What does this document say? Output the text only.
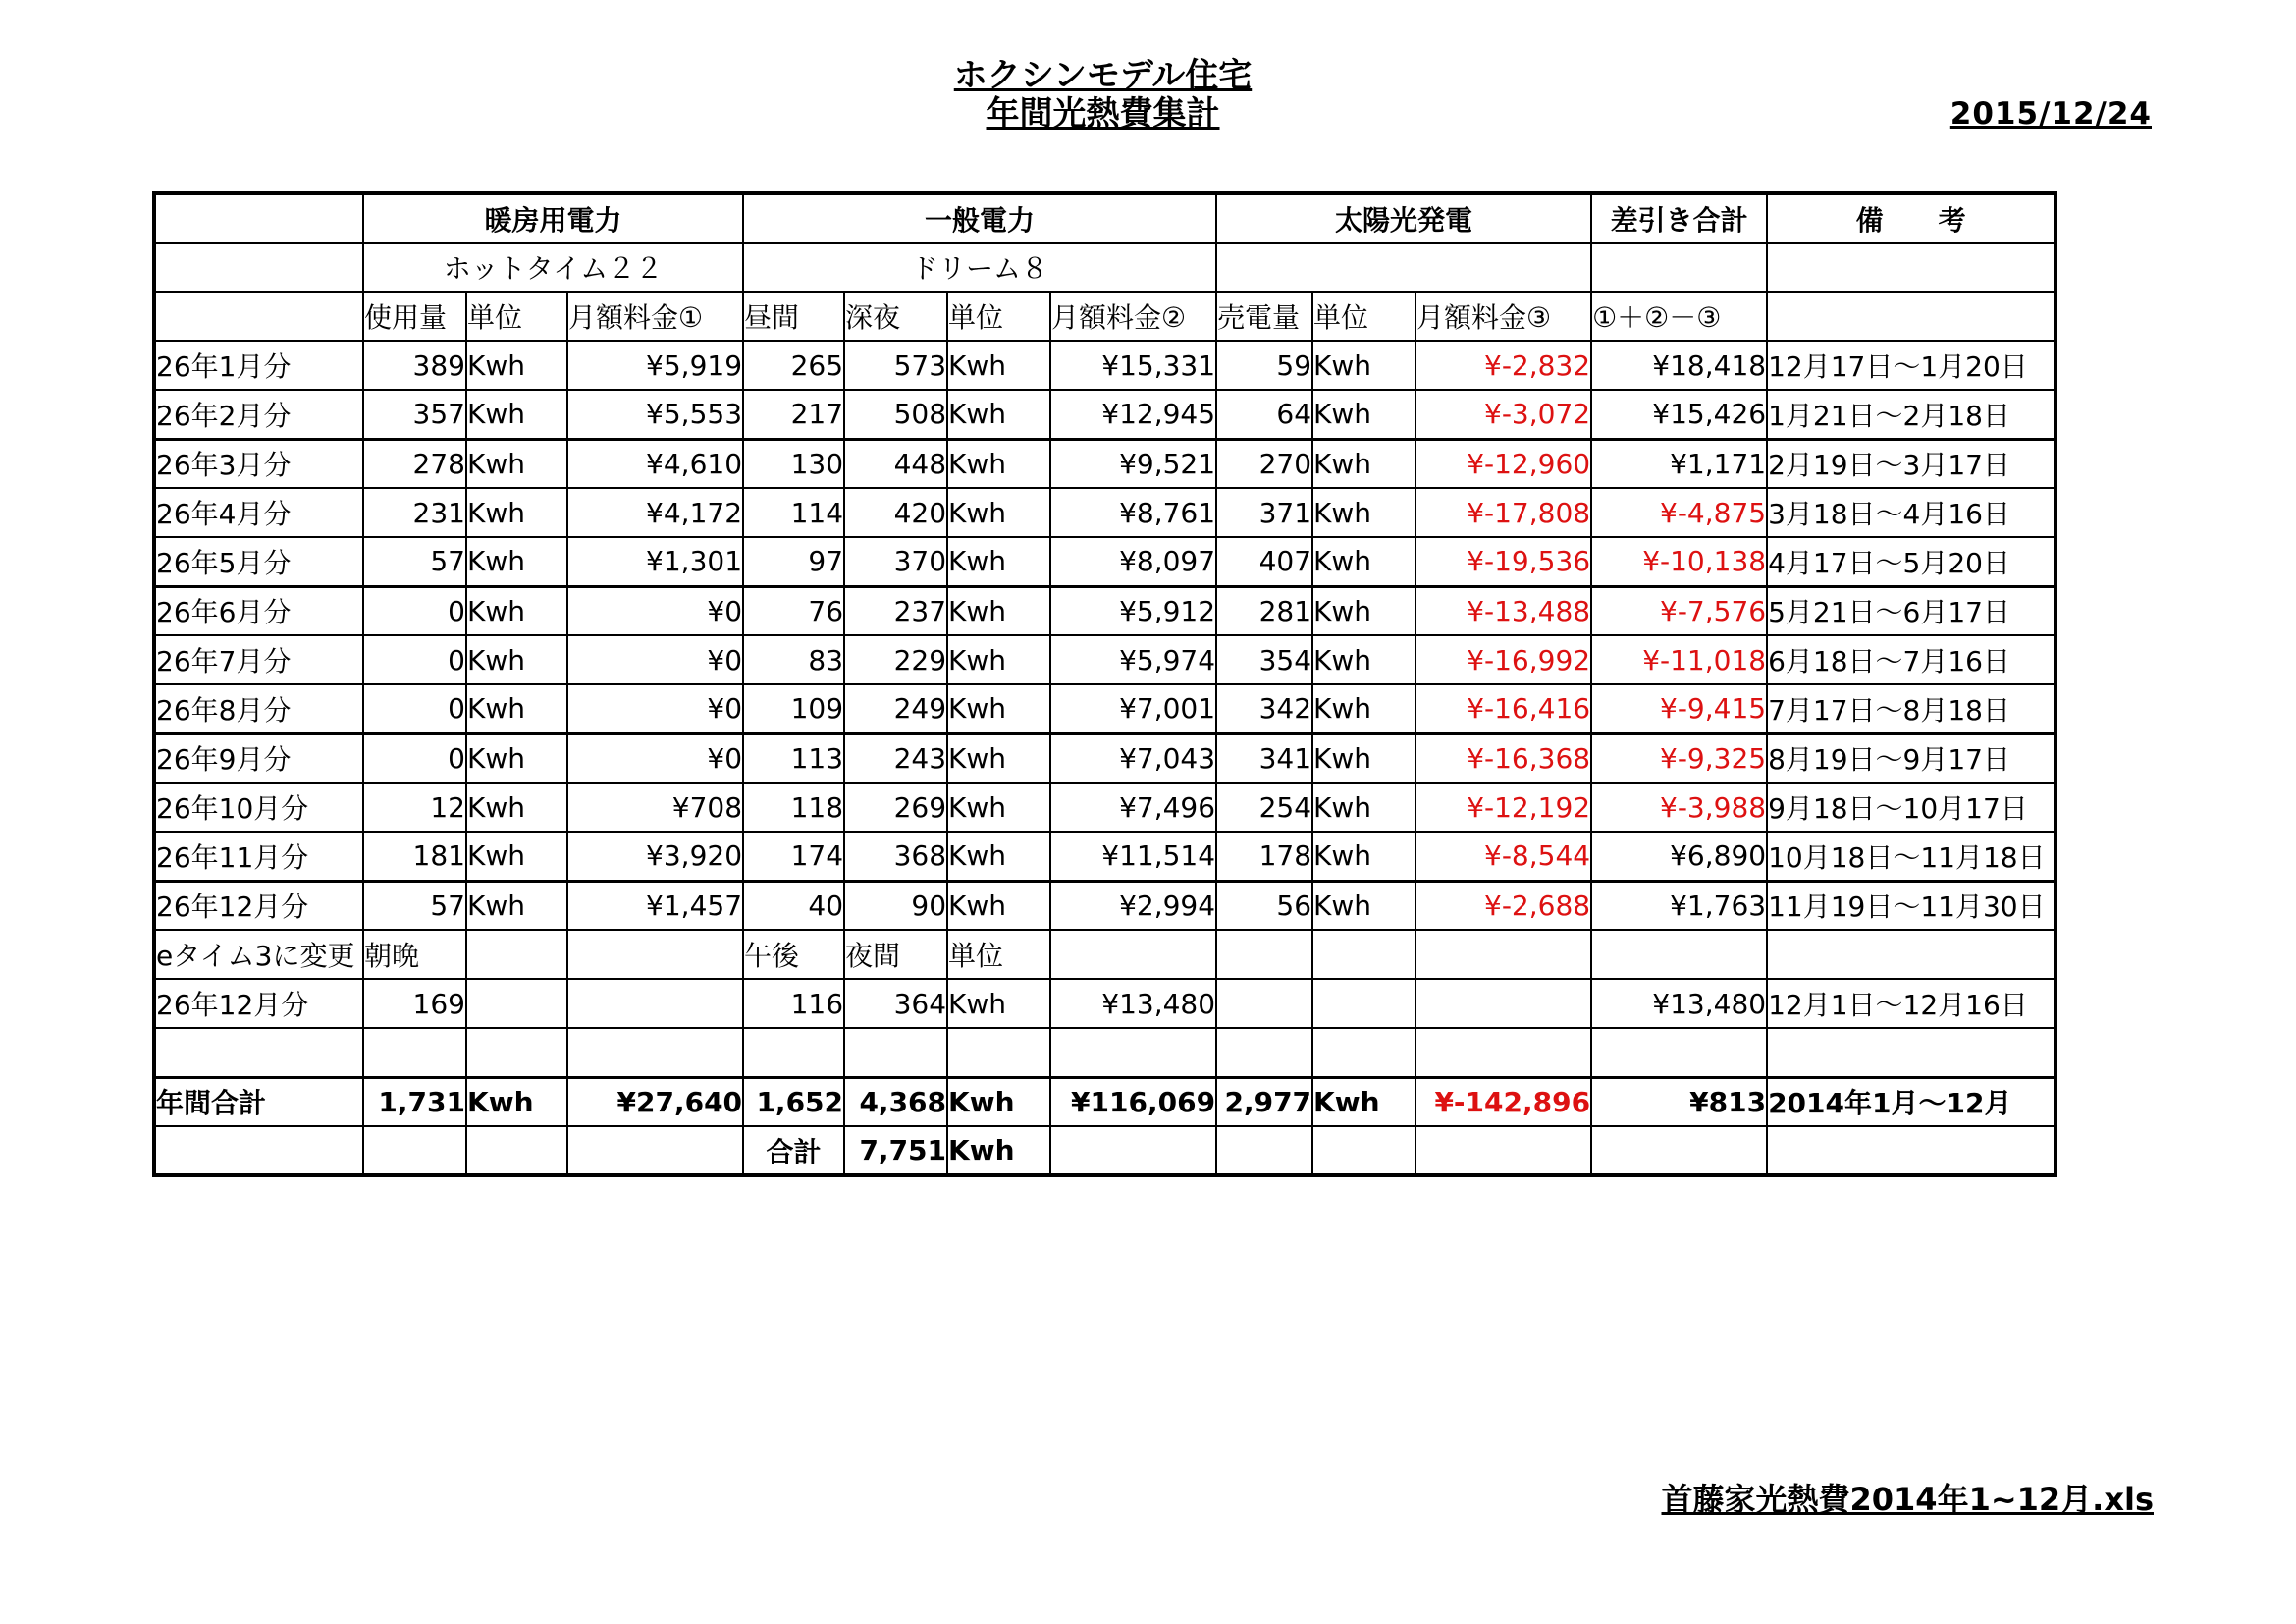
ホクシンモデル住宅
年間光熱費集計	2015/12/24
	暖房用電力			一般電力				太陽光発電			差引き合計	備　　考
	ホットタイム２２			ドリーム８								
	使用量	単位	月額料金①	昼間	深夜	単位	月額料金②	売電量	単位	月額料金③	①＋②－③	
26年1月分	389	Kwh	¥5,919	265	573	Kwh	¥15,331	59	Kwh	¥-2,832	¥18,418	12月17日～1月20日
26年2月分	357	Kwh	¥5,553	217	508	Kwh	¥12,945	64	Kwh	¥-3,072	¥15,426	1月21日～2月18日
26年3月分	278	Kwh	¥4,610	130	448	Kwh	¥9,521	270	Kwh	¥-12,960	¥1,171	2月19日～3月17日
26年4月分	231	Kwh	¥4,172	114	420	Kwh	¥8,761	371	Kwh	¥-17,808	¥-4,875	3月18日～4月16日
26年5月分	57	Kwh	¥1,301	97	370	Kwh	¥8,097	407	Kwh	¥-19,536	¥-10,138	4月17日～5月20日
26年6月分	0	Kwh	¥0	76	237	Kwh	¥5,912	281	Kwh	¥-13,488	¥-7,576	5月21日～6月17日
26年7月分	0	Kwh	¥0	83	229	Kwh	¥5,974	354	Kwh	¥-16,992	¥-11,018	6月18日～7月16日
26年8月分	0	Kwh	¥0	109	249	Kwh	¥7,001	342	Kwh	¥-16,416	¥-9,415	7月17日～8月18日
26年9月分	0	Kwh	¥0	113	243	Kwh	¥7,043	341	Kwh	¥-16,368	¥-9,325	8月19日～9月17日
26年10月分	12	Kwh	¥708	118	269	Kwh	¥7,496	254	Kwh	¥-12,192	¥-3,988	9月18日～10月17日
26年11月分	181	Kwh	¥3,920	174	368	Kwh	¥11,514	178	Kwh	¥-8,544	¥6,890	10月18日～11月18日
26年12月分	57	Kwh	¥1,457	40	90	Kwh	¥2,994	56	Kwh	¥-2,688	¥1,763	11月19日～11月30日
eタイム3に変更	朝晩			午後	夜間	単位						
26年12月分	169			116	364	Kwh	¥13,480				¥13,480	12月1日～12月16日

年間合計	1,731	Kwh	¥27,640	1,652	4,368	Kwh	¥116,069	2,977	Kwh	¥-142,896	¥813	2014年1月～12月
				合計	7,751	Kwh						
首藤家光熱費2014年1~12月.xls
